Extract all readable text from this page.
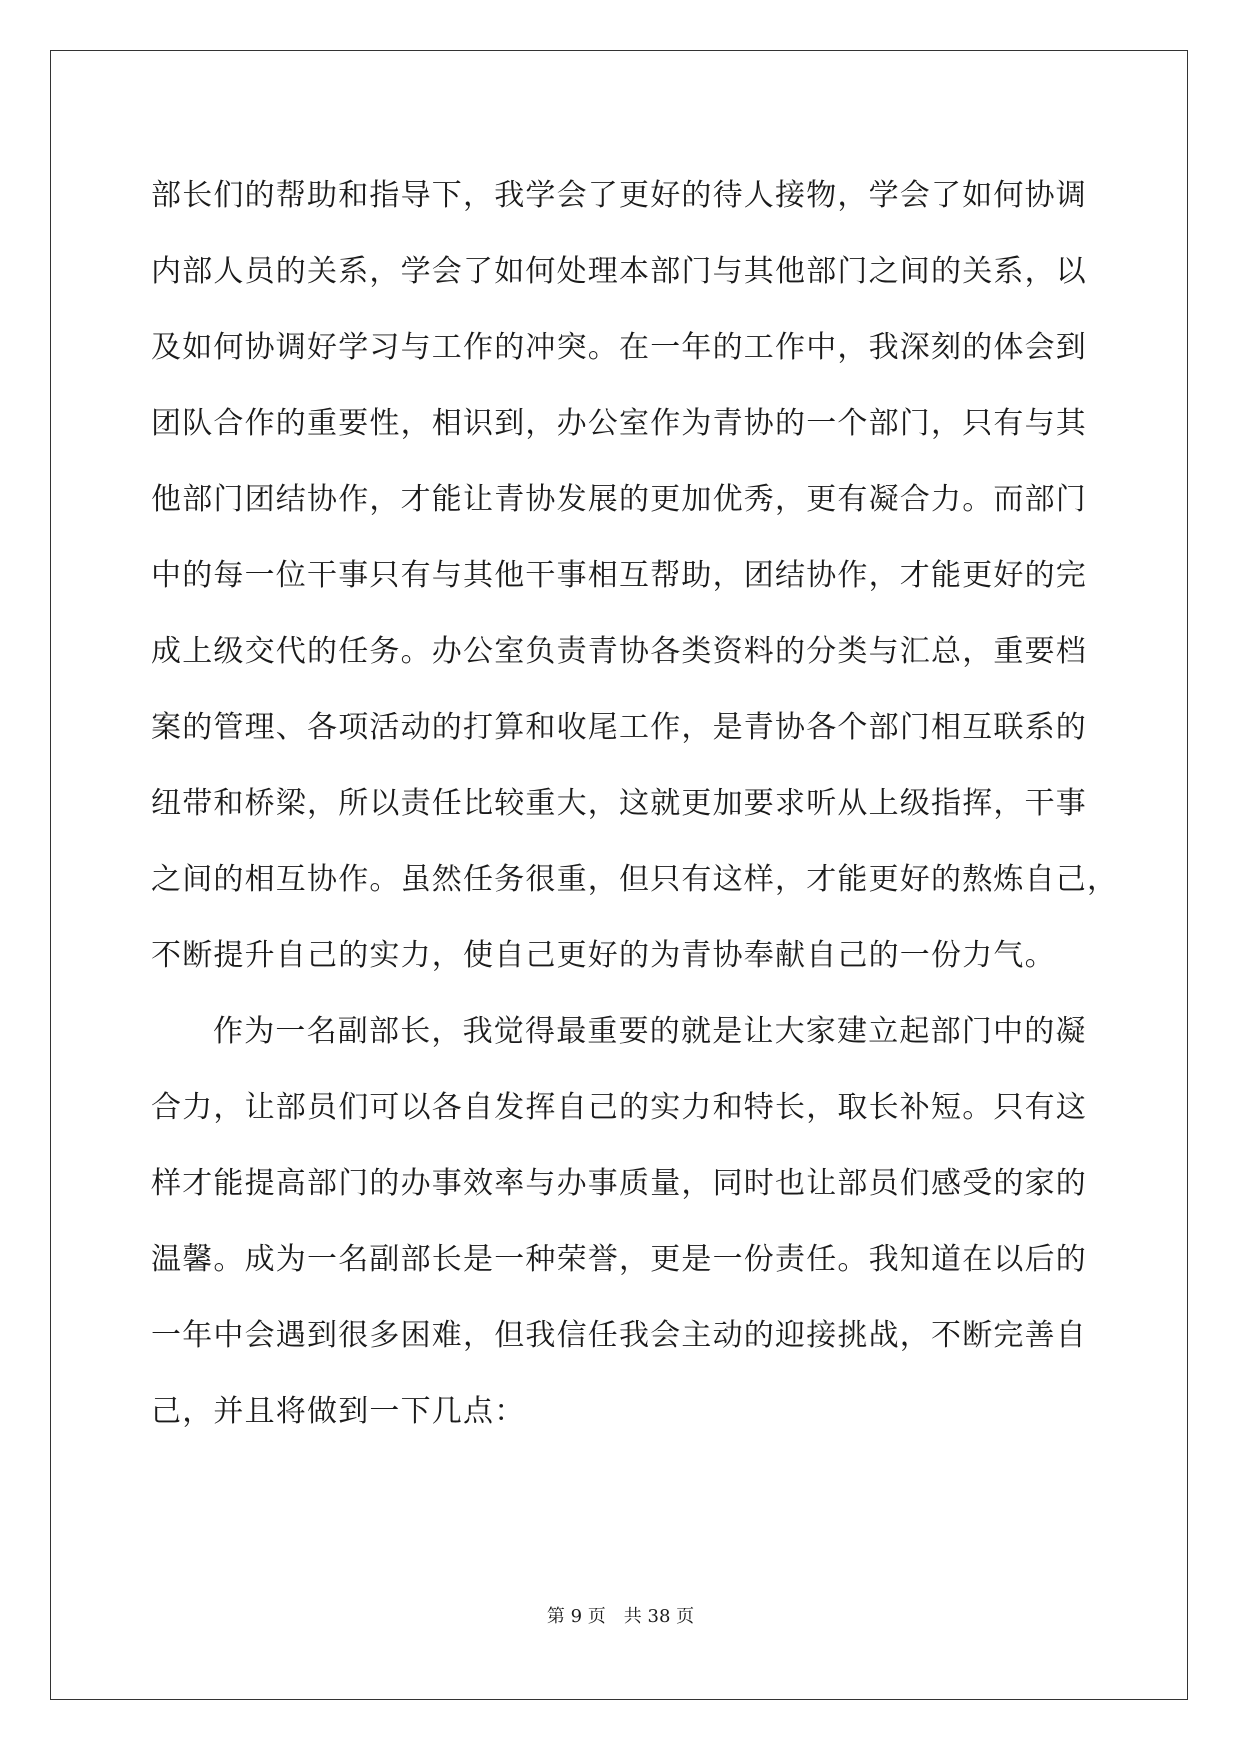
部长们的帮助和指导下，我学会了更好的待人接物，学会了如何协调
内部人员的关系，学会了如何处理本部门与其他部门之间的关系，以
及如何协调好学习与工作的冲突。在一年的工作中，我深刻的体会到
团队合作的重要性，相识到，办公室作为青协的一个部门，只有与其
他部门团结协作，才能让青协发展的更加优秀，更有凝合力。而部门
中的每一位干事只有与其他干事相互帮助，团结协作，才能更好的完
成上级交代的任务。办公室负责青协各类资料的分类与汇总，重要档
案的管理、各项活动的打算和收尾工作，是青协各个部门相互联系的
纽带和桥梁，所以责任比较重大，这就更加要求听从上级指挥，干事
之间的相互协作。虽然任务很重，但只有这样，才能更好的熬炼自己，
不断提升自己的实力，使自己更好的为青协奉献自己的一份力气。
作为一名副部长，我觉得最重要的就是让大家建立起部门中的凝
合力，让部员们可以各自发挥自己的实力和特长，取长补短。只有这
样才能提高部门的办事效率与办事质量，同时也让部员们感受的家的
温馨。成为一名副部长是一种荣誉，更是一份责任。我知道在以后的
一年中会遇到很多困难，但我信任我会主动的迎接挑战，不断完善自
己，并且将做到一下几点：
第 9 页 共 38 页
